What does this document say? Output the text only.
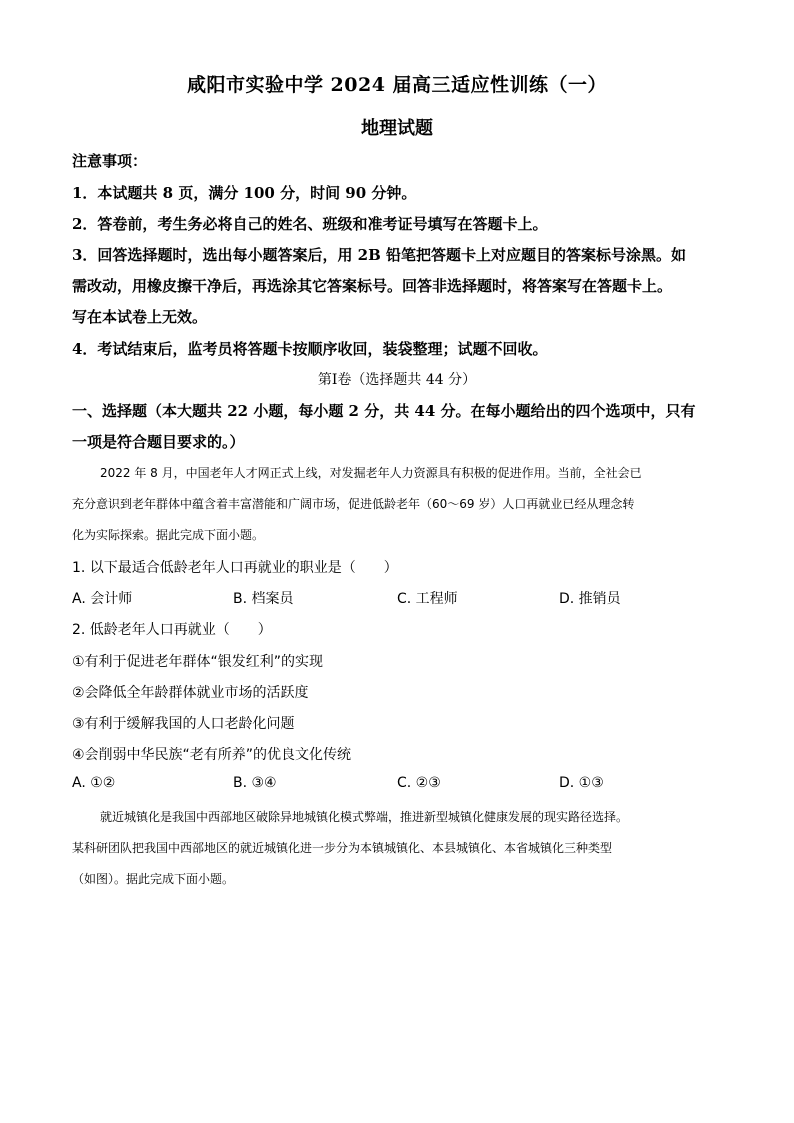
咸阳市实验中学 2024 届高三适应性训练（一）
地理试题
注意事项：
1．本试题共 8 页，满分 100 分，时间 90 分钟。
2．答卷前，考生务必将自己的姓名、班级和准考证号填写在答题卡上。
3．回答选择题时，选出每小题答案后，用 2B 铅笔把答题卡上对应题目的答案标号涂黑。如
需改动，用橡皮擦干净后，再选涂其它答案标号。回答非选择题时，将答案写在答题卡上。
写在本试卷上无效。
4．考试结束后，监考员将答题卡按顺序收回，装袋整理；试题不回收。
第Ⅰ卷（选择题共 44 分）
一、选择题（本大题共 22 小题，每小题 2 分，共 44 分。在每小题给出的四个选项中，只有
一项是符合题目要求的。）
2022 年 8 月，中国老年人才网正式上线，对发掘老年人力资源具有积极的促进作用。当前，全社会已
充分意识到老年群体中蕴含着丰富潜能和广阔市场，促进低龄老年（60～69 岁）人口再就业已经从理念转
化为实际探索。据此完成下面小题。
1. 以下最适合低龄老年人口再就业的职业是（　　）
A. 会计师	B. 档案员	C. 工程师	D. 推销员
2. 低龄老年人口再就业（　　）
①有利于促进老年群体“银发红利”的实现
②会降低全年龄群体就业市场的活跃度
③有利于缓解我国的人口老龄化问题
④会削弱中华民族“老有所养”的优良文化传统
A. ①②	B. ③④	C. ②③	D. ①③
就近城镇化是我国中西部地区破除异地城镇化模式弊端，推进新型城镇化健康发展的现实路径选择。
某科研团队把我国中西部地区的就近城镇化进一步分为本镇城镇化、本县城镇化、本省城镇化三种类型
（如图）。据此完成下面小题。
